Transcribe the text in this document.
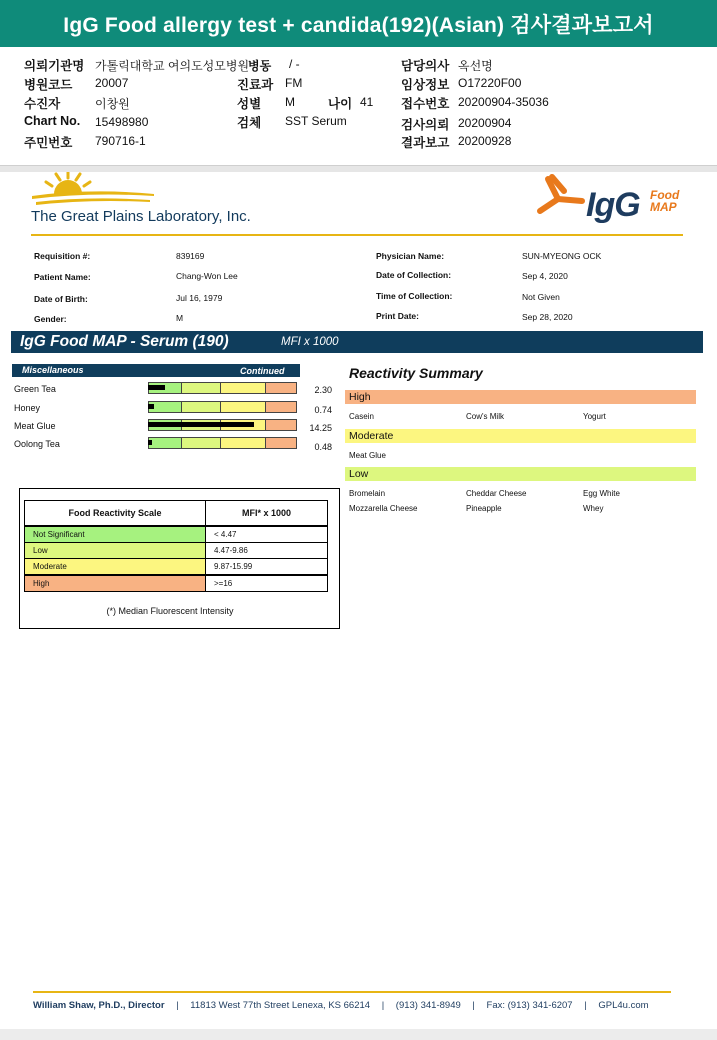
IgG Food allergy test + candida(192)(Asian) 검사결과보고서
의뢰기관명 가톨릭대학교 여의도성모병원
병동 / -
병원코드 20007	진료과 FM
수진자	이창원	성별 M	나이 41
Chart No. 15498980	검체 SST Serum
주민번호 790716-1
담당의사 옥선명
임상정보 O17220F00
접수번호 20200904-35036
검사의뢰 20200904
결과보고 20200928
The Great Plains Laboratory, Inc.	IgG Food
MAP
Requisition #:	839169
Patient Name:	Chang-Won Lee
Date of Birth:	Jul 16, 1979
Gender:	M
Physician Name:	SUN-MYEONG OCK
Date of Collection:	Sep 4, 2020
Time of Collection:	Not Given
Print Date:	Sep 28, 2020
IgG Food MAP - Serum (190)	MFI x 1000
Miscellaneous	Continued
Green Tea	2.30
Honey	0.74
Meat Glue	14.25
Oolong Tea	0.48
Reactivity Summary
High
Casein	Cow's Milk	Yogurt
Moderate
Meat Glue
Low
Bromelain	Cheddar Cheese	Egg White
Mozzarella Cheese	Pineapple	Whey
Food Reactivity Scale	MFI* x 1000
Not Significant	< 4.47
Low	4.47-9.86
Moderate	9.87-15.99
High	>=16
(*) Median Fluorescent Intensity
William Shaw, Ph.D., Director | 11813 West 77th Street Lenexa, KS 66214 | (913) 341-8949 | Fax: (913) 341-6207 | GPL4u.com
